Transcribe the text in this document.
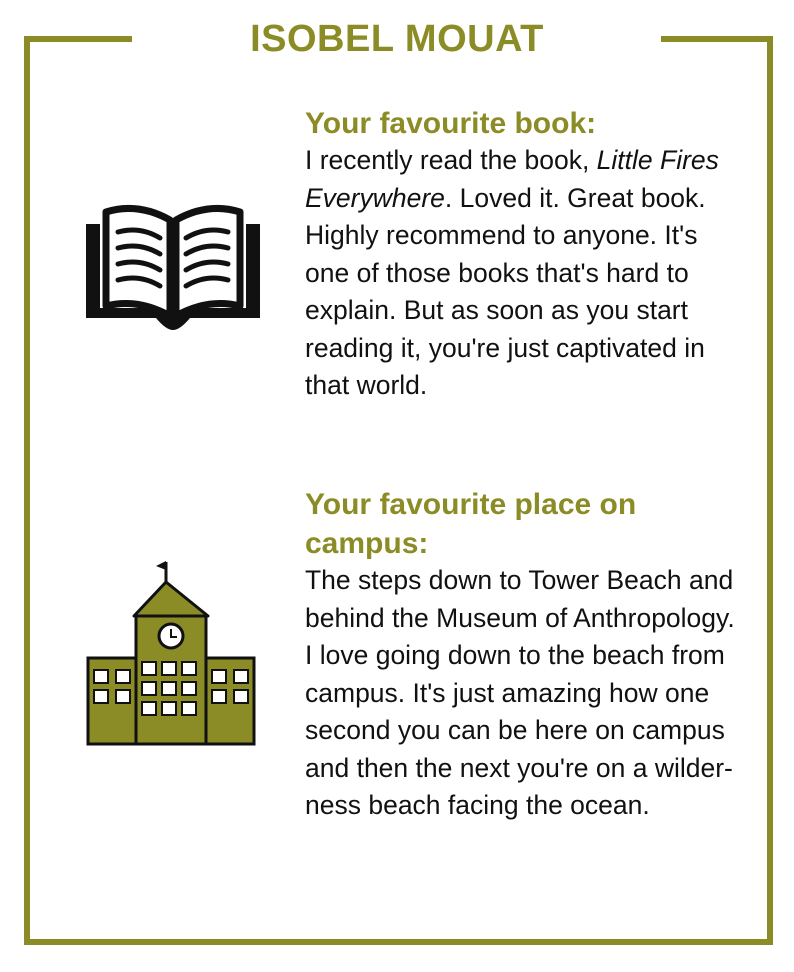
ISOBEL MOUAT
Your favourite book:

I recently read the book, Little Fires Everywhere. Loved it. Great book. Highly recommend to anyone. It's one of those books that's hard to explain. But as soon as you start reading it, you're just captivated in that world.

Your favourite place on campus:

The steps down to Tower Beach and behind the Museum of Anthropology. I love going down to the beach from campus. It's just amazing how one second you can be here on campus and then the next you're on a wilderness beach facing the ocean.
